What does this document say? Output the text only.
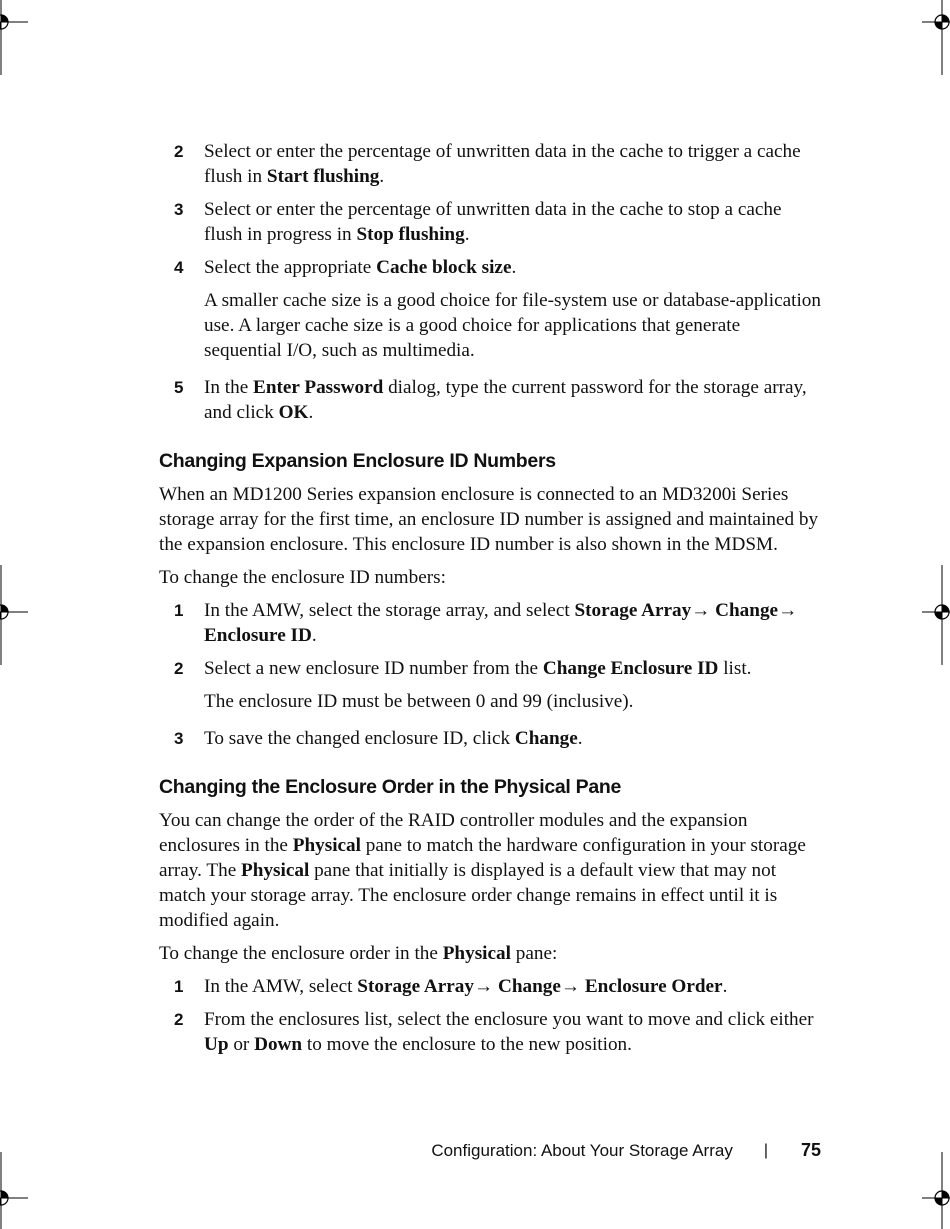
2 Select or enter the percentage of unwritten data in the cache to trigger a cache flush in Start flushing.
3 Select or enter the percentage of unwritten data in the cache to stop a cache flush in progress in Stop flushing.
4 Select the appropriate Cache block size.
A smaller cache size is a good choice for file-system use or database-application use. A larger cache size is a good choice for applications that generate sequential I/O, such as multimedia.
5 In the Enter Password dialog, type the current password for the storage array, and click OK.
Changing Expansion Enclosure ID Numbers
When an MD1200 Series expansion enclosure is connected to an MD3200i Series storage array for the first time, an enclosure ID number is assigned and maintained by the expansion enclosure. This enclosure ID number is also shown in the MDSM.
To change the enclosure ID numbers:
1 In the AMW, select the storage array, and select Storage Array→ Change→ Enclosure ID.
2 Select a new enclosure ID number from the Change Enclosure ID list.
The enclosure ID must be between 0 and 99 (inclusive).
3 To save the changed enclosure ID, click Change.
Changing the Enclosure Order in the Physical Pane
You can change the order of the RAID controller modules and the expansion enclosures in the Physical pane to match the hardware configuration in your storage array. The Physical pane that initially is displayed is a default view that may not match your storage array. The enclosure order change remains in effect until it is modified again.
To change the enclosure order in the Physical pane:
1 In the AMW, select Storage Array→ Change→ Enclosure Order.
2 From the enclosures list, select the enclosure you want to move and click either Up or Down to move the enclosure to the new position.
Configuration: About Your Storage Array | 75
